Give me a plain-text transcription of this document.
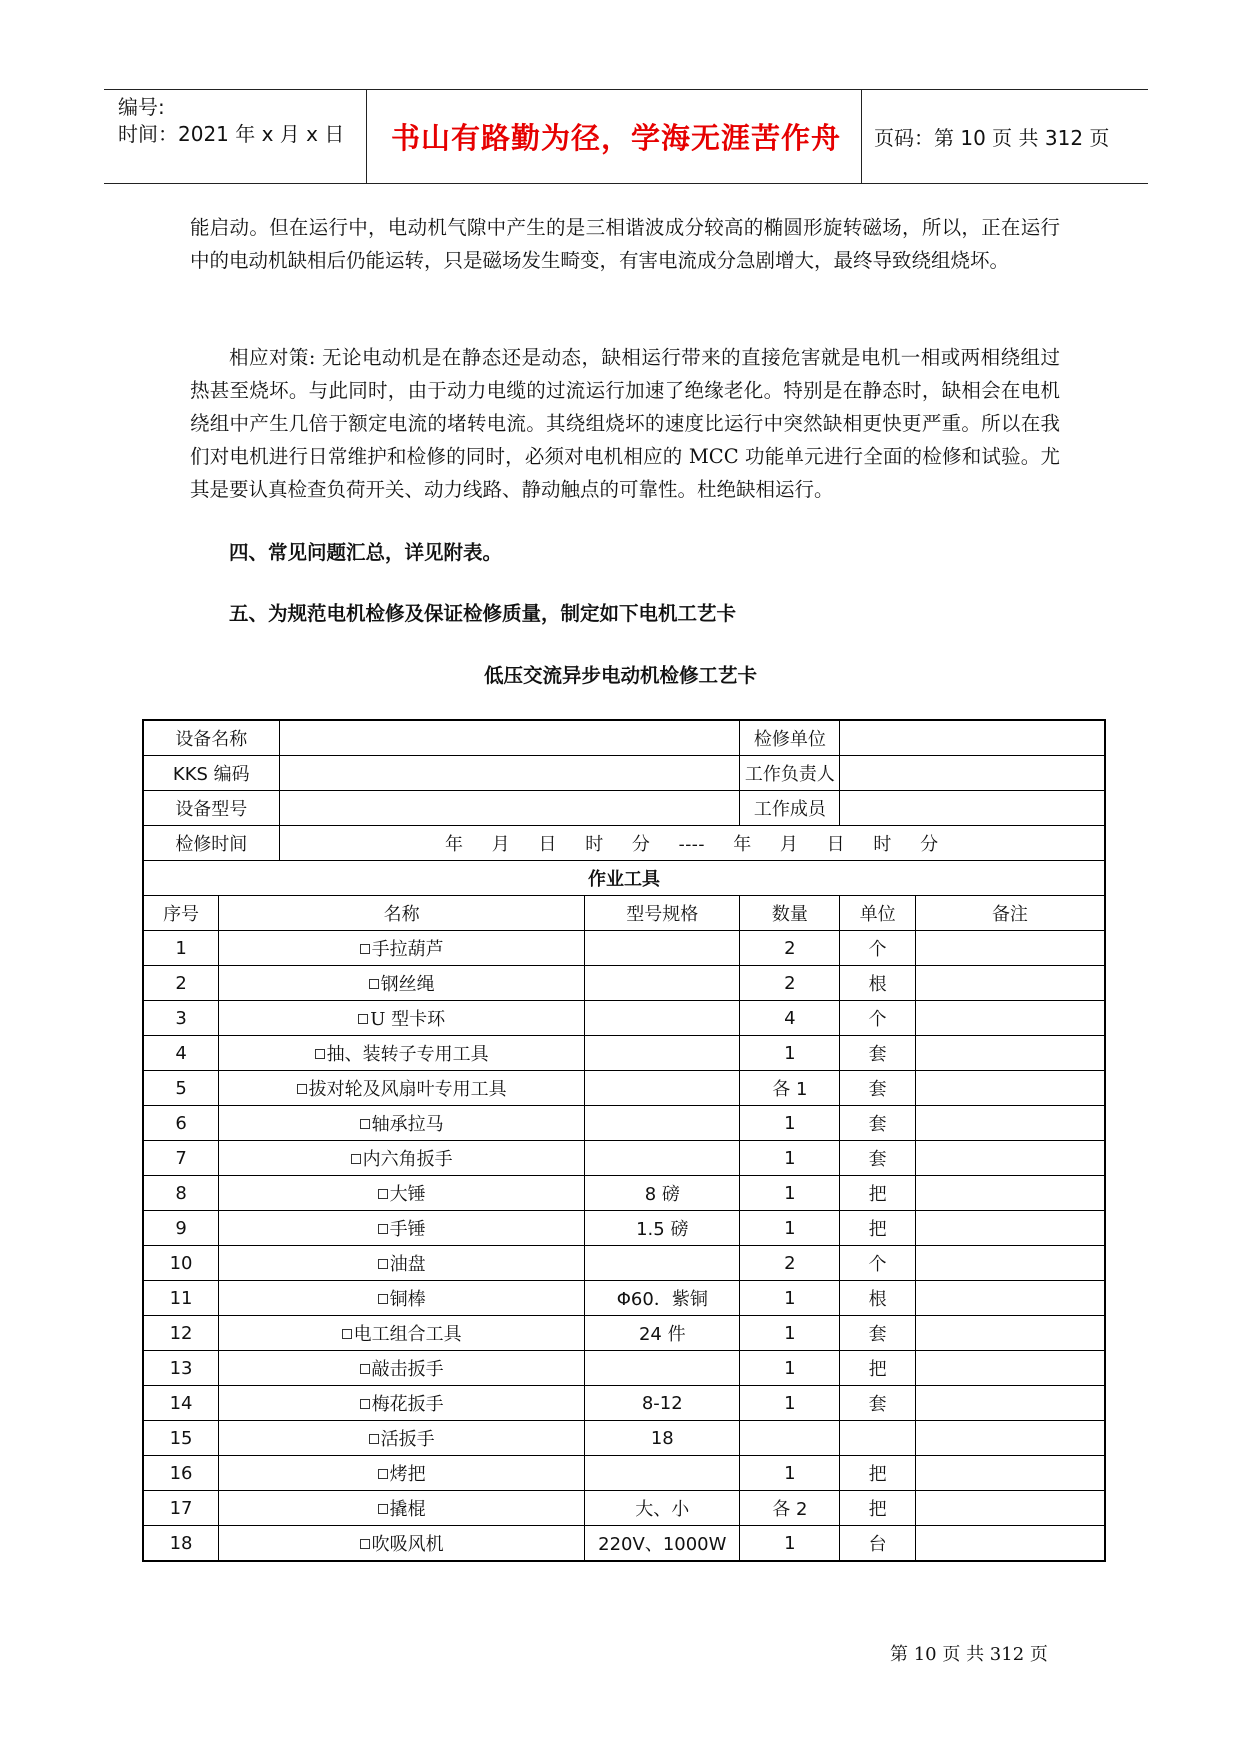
编号:
时间：2021 年 x 月 x 日	书山有路勤为径，学海无涯苦作舟	页码：第 10 页 共 312 页

能启动。但在运行中，电动机气隙中产生的是三相谐波成分较高的椭圆形旋转磁场，所以，正在运行中的电动机缺相后仍能运转，只是磁场发生畸变，有害电流成分急剧增大，最终导致绕组烧坏。

相应对策: 无论电动机是在静态还是动态，缺相运行带来的直接危害就是电机一相或两相绕组过热甚至烧坏。与此同时，由于动力电缆的过流运行加速了绝缘老化。特别是在静态时，缺相会在电机绕组中产生几倍于额定电流的堵转电流。其绕组烧坏的速度比运行中突然缺相更快更严重。所以在我们对电机进行日常维护和检修的同时，必须对电机相应的 MCC 功能单元进行全面的检修和试验。尤其是要认真检查负荷开关、动力线路、静动触点的可靠性。杜绝缺相运行。

四、常见问题汇总，详见附表。

五、为规范电机检修及保证检修质量，制定如下电机工艺卡

低压交流异步电动机检修工艺卡
设备名称				检修单位		
KKS 编码				工作负责人		
设备型号				工作成员		
检修时间		年 月 日 时 分 ---- 年 月 日 时 分				
作业工具						
序号	名称		型号规格	数量	单位	备注
1	手拉葫芦			2	个	
2	钢丝绳			2	根	
3	U 型卡环			4	个	
4	抽、装转子专用工具			1	套	
5	拔对轮及风扇叶专用工具			各 1	套	
6	轴承拉马			1	套	
7	内六角扳手			1	套	
8	大锤		8 磅	1	把	
9	手锤		1.5 磅	1	把	
10	油盘			2	个	
11	铜棒		Φ60．紫铜	1	根	
12	电工组合工具		24 件	1	套	
13	敲击扳手			1	把	
14	梅花扳手		8-12	1	套	
15	活扳手		18			
16	烤把			1	把	
17	撬棍		大、小	各 2	把	
18	吹吸风机		220V、1000W	1	台	
第 10 页 共 312 页
